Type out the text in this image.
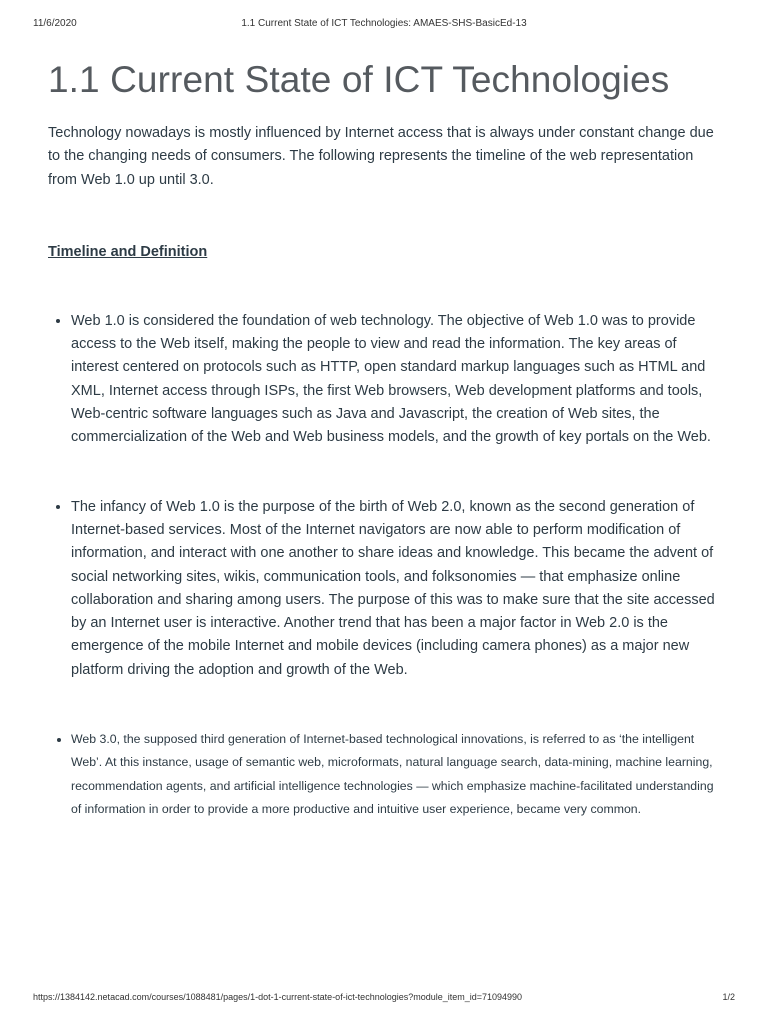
11/6/2020	1.1 Current State of ICT Technologies: AMAES-SHS-BasicEd-13
1.1 Current State of ICT Technologies

Technology nowadays is mostly influenced by Internet access that is always under constant change due to the changing needs of consumers. The following represents the timeline of the web representation from Web 1.0 up until 3.0.

Timeline and Definition

• Web 1.0 is considered the foundation of web technology. The objective of Web 1.0 was to provide access to the Web itself, making the people to view and read the information. The key areas of interest centered on protocols such as HTTP, open standard markup languages such as HTML and XML, Internet access through ISPs, the first Web browsers, Web development platforms and tools, Web-centric software languages such as Java and Javascript, the creation of Web sites, the commercialization of the Web and Web business models, and the growth of key portals on the Web.
• The infancy of Web 1.0 is the purpose of the birth of Web 2.0, known as the second generation of Internet-based services. Most of the Internet navigators are now able to perform modification of information, and interact with one another to share ideas and knowledge. This became the advent of social networking sites, wikis, communication tools, and folksonomies — that emphasize online collaboration and sharing among users. The purpose of this was to make sure that the site accessed by an Internet user is interactive. Another trend that has been a major factor in Web 2.0 is the emergence of the mobile Internet and mobile devices (including camera phones) as a major new platform driving the adoption and growth of the Web.
• Web 3.0, the supposed third generation of Internet-based technological innovations, is referred to as ‘the intelligent Web’. At this instance, usage of semantic web, microformats, natural language search, data-mining, machine learning, recommendation agents, and artificial intelligence technologies — which emphasize machine-facilitated understanding of information in order to provide a more productive and intuitive user experience, became very common.
https://1384142.netacad.com/courses/1088481/pages/1-dot-1-current-state-of-ict-technologies?module_item_id=71094990	1/2
